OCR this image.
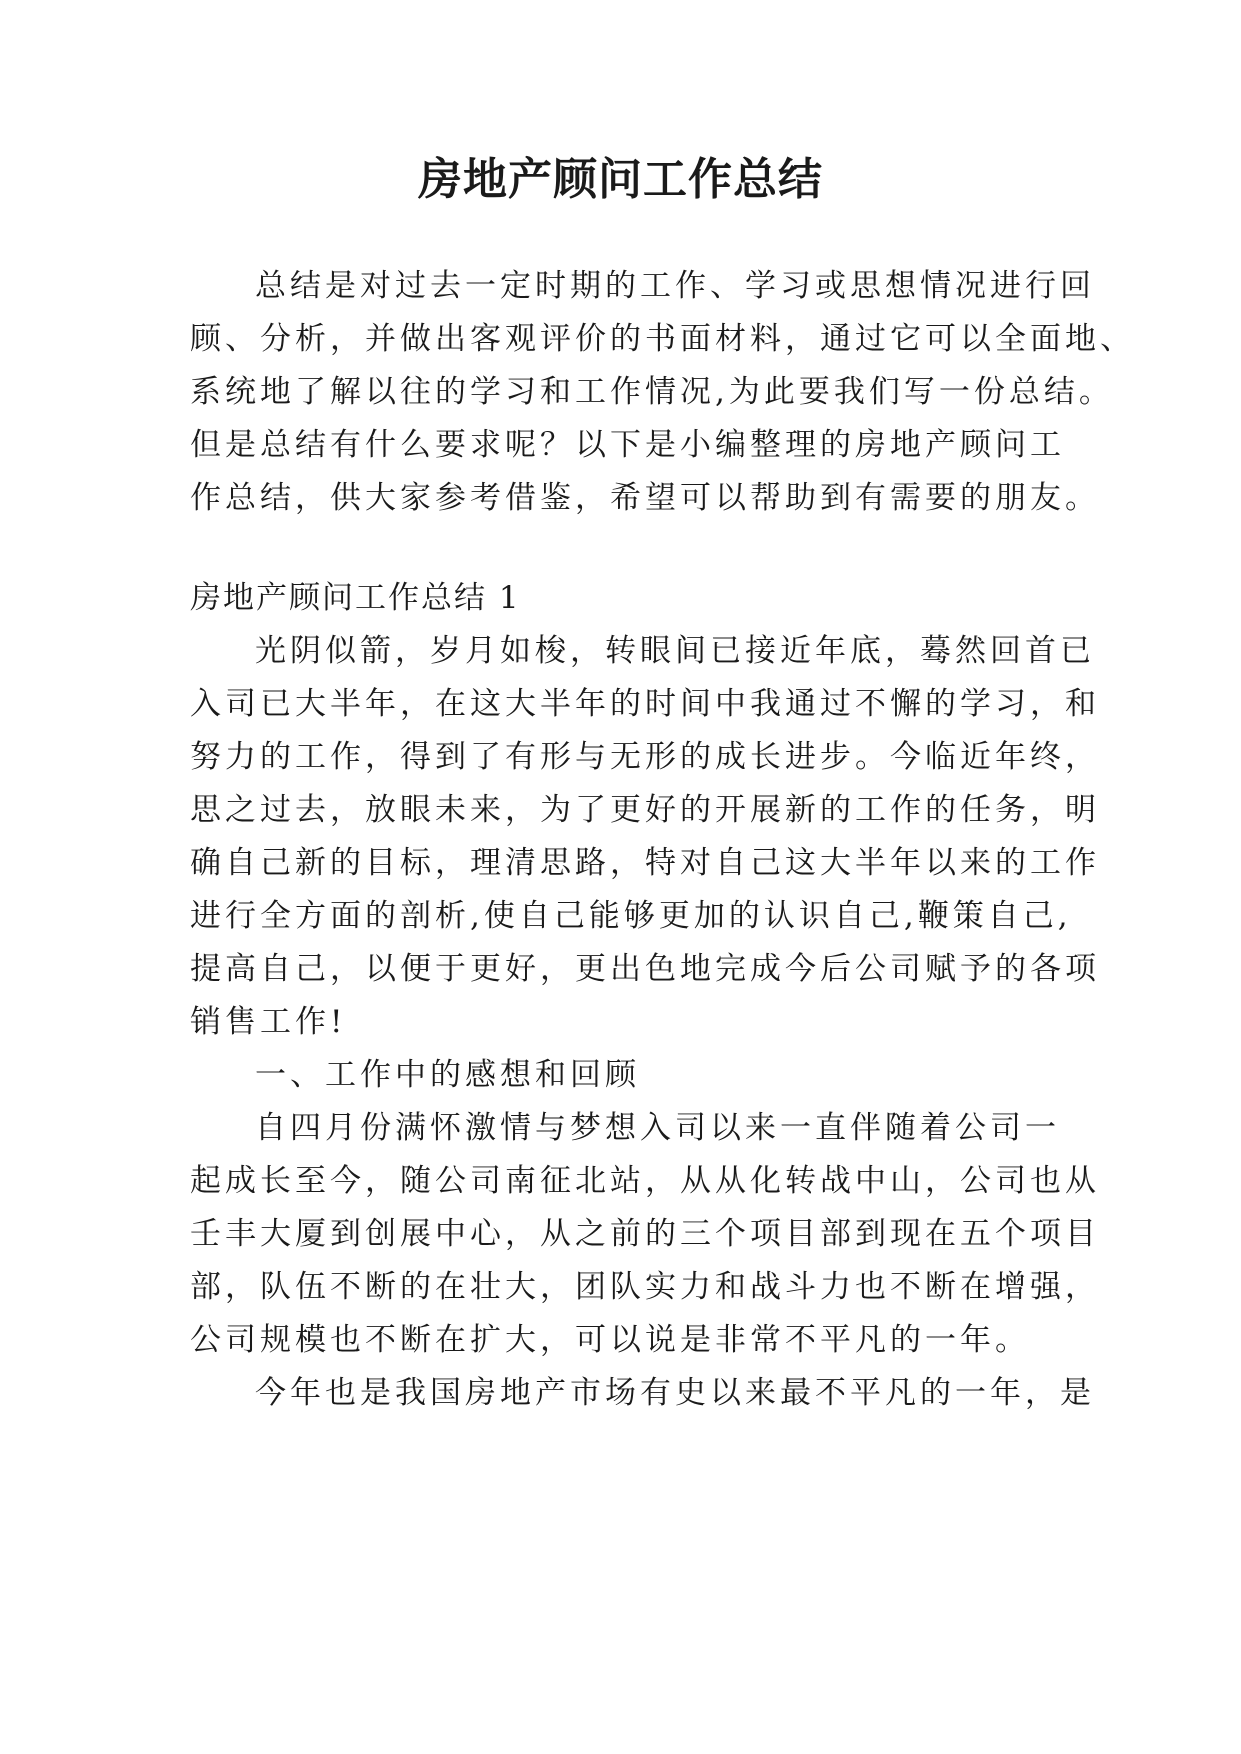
房地产顾问工作总结
总结是对过去一定时期的工作、学习或思想情况进行回
顾、分析，并做出客观评价的书面材料，通过它可以全面地、
系统地了解以往的学习和工作情况,为此要我们写一份总结。
但是总结有什么要求呢？以下是小编整理的房地产顾问工
作总结，供大家参考借鉴，希望可以帮助到有需要的朋友。
房地产顾问工作总结 1
光阴似箭，岁月如梭，转眼间已接近年底，蓦然回首已
入司已大半年，在这大半年的时间中我通过不懈的学习，和
努力的工作，得到了有形与无形的成长进步。今临近年终，
思之过去，放眼未来，为了更好的开展新的工作的任务，明
确自己新的目标，理清思路，特对自己这大半年以来的工作
进行全方面的剖析,使自己能够更加的认识自己,鞭策自己,
提高自己，以便于更好，更出色地完成今后公司赋予的各项
销售工作!
一、工作中的感想和回顾
自四月份满怀激情与梦想入司以来一直伴随着公司一
起成长至今，随公司南征北站，从从化转战中山，公司也从
壬丰大厦到创展中心，从之前的三个项目部到现在五个项目
部，队伍不断的在壮大，团队实力和战斗力也不断在增强，
公司规模也不断在扩大，可以说是非常不平凡的一年。
今年也是我国房地产市场有史以来最不平凡的一年，是
